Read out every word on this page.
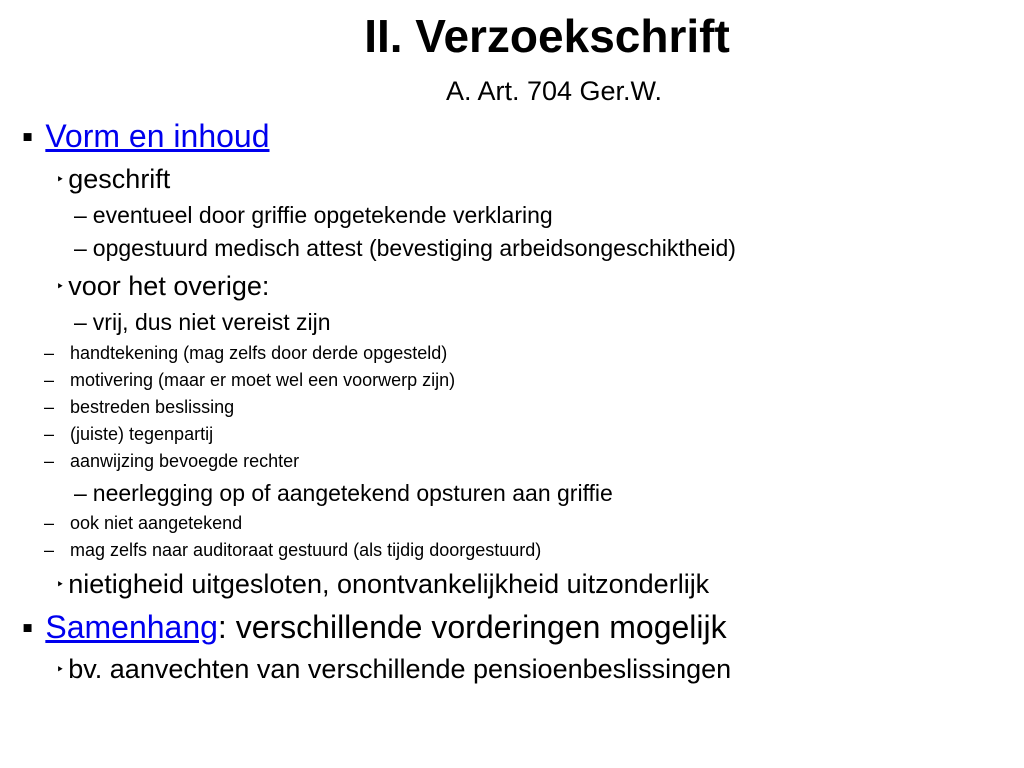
II. Verzoekschrift
A. Art. 704 Ger.W.
▪ Vorm en inhoud
‣ geschrift
– eventueel door griffie opgetekende verklaring
– opgestuurd medisch attest (bevestiging arbeidsongeschiktheid)
‣ voor het overige:
– vrij, dus niet vereist zijn
– handtekening (mag zelfs door derde opgesteld)
– motivering (maar er moet wel een voorwerp zijn)
– bestreden beslissing
– (juiste) tegenpartij
– aanwijzing bevoegde rechter
– neerlegging op of aangetekend opsturen aan griffie
– ook niet aangetekend
– mag zelfs naar auditoraat gestuurd (als tijdig doorgestuurd)
‣ nietigheid uitgesloten, onontvankelijkheid uitzonderlijk
▪ Samenhang: verschillende vorderingen mogelijk
‣ bv. aanvechten van verschillende pensioenbeslissingen
